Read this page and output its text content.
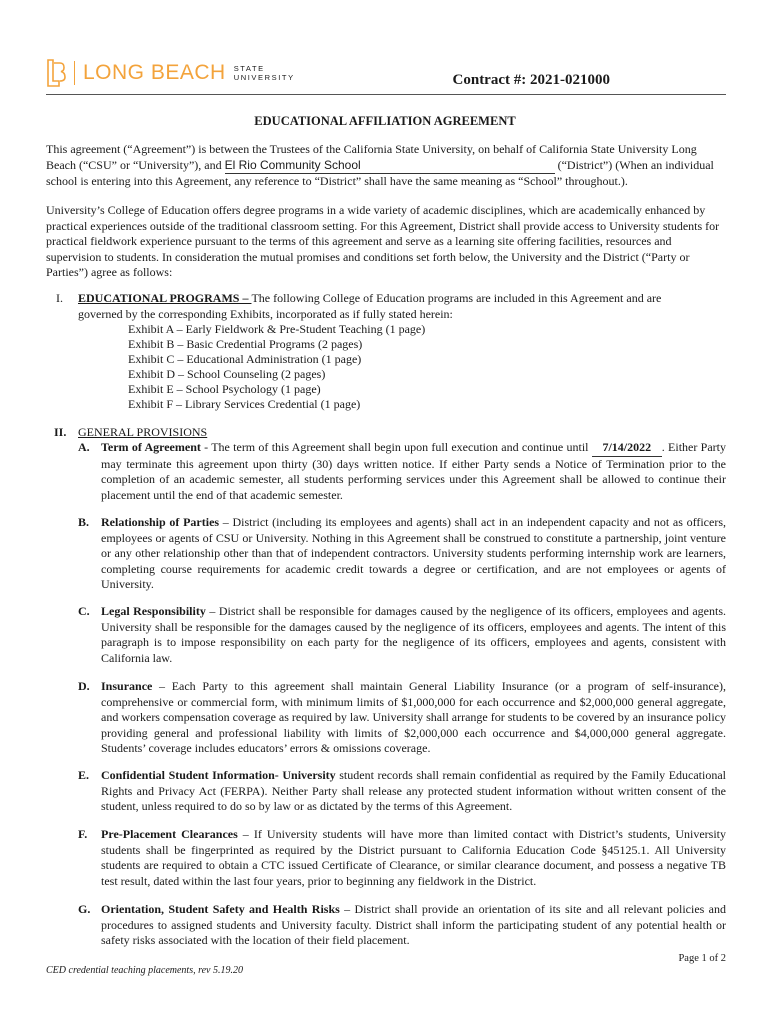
LONG BEACH STATE
UNIVERSITY	Contract #: 2021-021000
EDUCATIONAL AFFILIATION AGREEMENT
This agreement (“Agreement”) is between the Trustees of the California State University, on behalf of California State University Long Beach (“CSU” or “University”), and El Rio Community School	(“District”) (When an individual school is entering into this Agreement, any reference to “District” shall have the same meaning as “School” throughout.).
University’s College of Education offers degree programs in a wide variety of academic disciplines, which are academically enhanced by practical experiences outside of the traditional classroom setting. For this Agreement, District shall provide access to University students for practical fieldwork experience pursuant to the terms of this agreement and serve as a learning site offering facilities, resources and supervision to students. In consideration the mutual promises and conditions set forth below, the University and the District (“Party or Parties”) agree as follows:
I. EDUCATIONAL PROGRAMS – The following College of Education programs are included in this Agreement and are
governed by the corresponding Exhibits, incorporated as if fully stated herein:
Exhibit A – Early Fieldwork & Pre-Student Teaching (1 page)
Exhibit B – Basic Credential Programs (2 pages)
Exhibit C – Educational Administration (1 page)
Exhibit D – School Counseling (2 pages)
Exhibit E – School Psychology (1 page)
Exhibit F – Library Services Credential (1 page)
II. GENERAL PROVISIONS
A. Term of Agreement - The term of this Agreement shall begin upon full execution and continue until 7/14/2022 . Either Party may terminate this agreement upon thirty (30) days written notice. If either Party sends a Notice of Termination prior to the completion of an academic semester, all students performing services under this Agreement shall be allowed to continue their placement until the end of that academic semester.
B. Relationship of Parties – District (including its employees and agents) shall act in an independent capacity and not as officers, employees or agents of CSU or University. Nothing in this Agreement shall be construed to constitute a partnership, joint venture or any other relationship other than that of independent contractors. University students performing internship work are learners, completing course requirements for academic credit towards a degree or certification, and are not employees or agents of University.
C. Legal Responsibility – District shall be responsible for damages caused by the negligence of its officers, employees and agents. University shall be responsible for the damages caused by the negligence of its officers, employees and agents. The intent of this paragraph is to impose responsibility on each party for the negligence of its officers, employees and agents, consistent with California law.
D. Insurance – Each Party to this agreement shall maintain General Liability Insurance (or a program of self-insurance), comprehensive or commercial form, with minimum limits of $1,000,000 for each occurrence and $2,000,000 general aggregate, and workers compensation coverage as required by law. University shall arrange for students to be covered by an insurance policy providing general and professional liability with limits of $2,000,000 each occurrence and $4,000,000 general aggregate. Students’ coverage includes educators’ errors & omissions coverage.
E. Confidential Student Information- University student records shall remain confidential as required by the Family Educational Rights and Privacy Act (FERPA). Neither Party shall release any protected student information without written consent of the student, unless required to do so by law or as dictated by the terms of this Agreement.
F. Pre-Placement Clearances – If University students will have more than limited contact with District’s students, University students shall be fingerprinted as required by the District pursuant to California Education Code §45125.1. All University students are required to obtain a CTC issued Certificate of Clearance, or similar clearance document, and possess a negative TB test result, dated within the last four years, prior to beginning any fieldwork in the District.
G. Orientation, Student Safety and Health Risks – District shall provide an orientation of its site and all relevant policies and procedures to assigned students and University faculty. District shall inform the participating student of any potential health or safety risks associated with the location of their field placement.
Page 1 of 2
CED credential teaching placements, rev 5.19.20
